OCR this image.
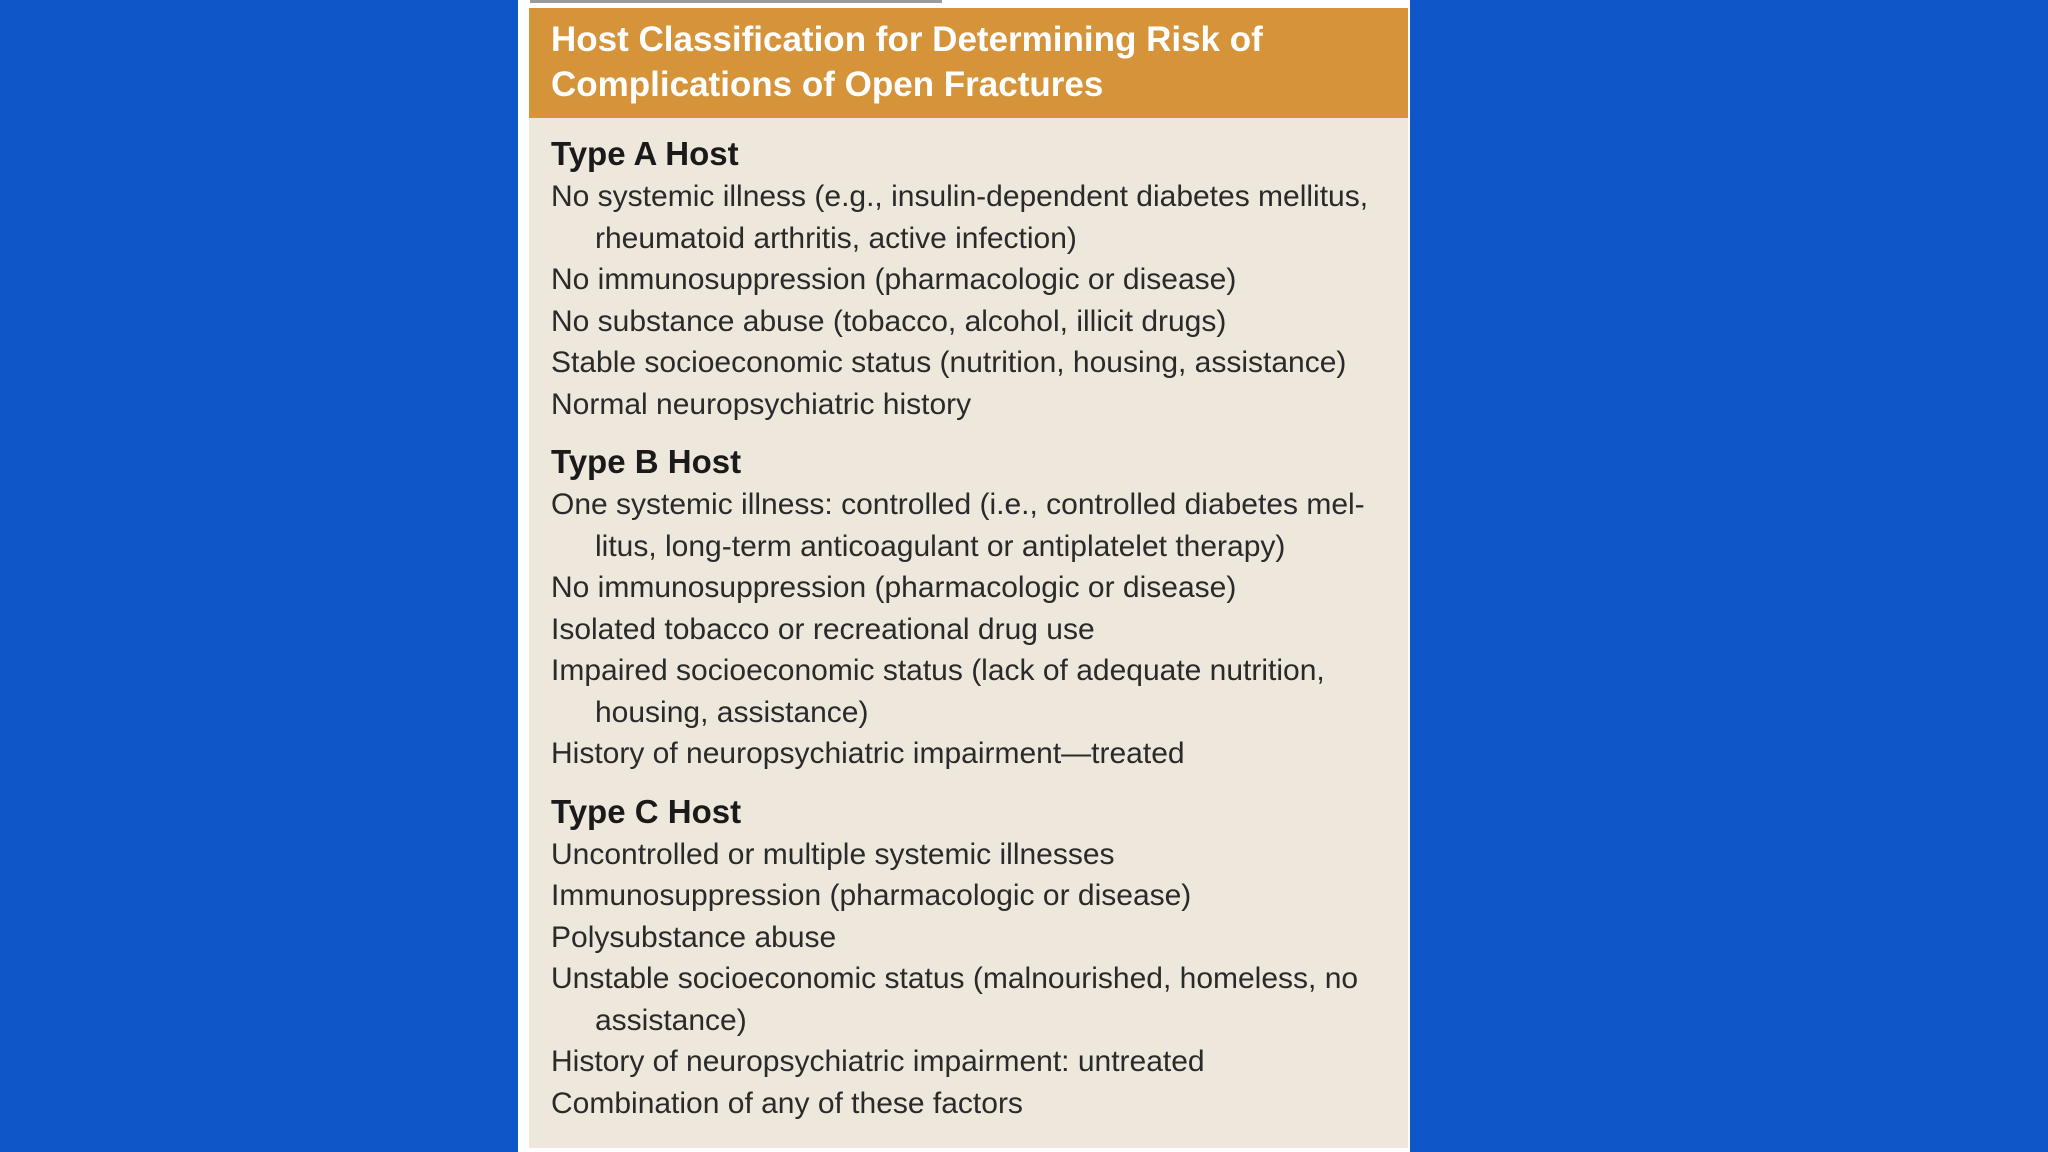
Host Classification for Determining Risk of
Complications of Open Fractures
Type A Host
No systemic illness (e.g., insulin-dependent diabetes mellitus, rheumatoid arthritis, active infection)
No immunosuppression (pharmacologic or disease)
No substance abuse (tobacco, alcohol, illicit drugs)
Stable socioeconomic status (nutrition, housing, assistance)
Normal neuropsychiatric history
Type B Host
One systemic illness: controlled (i.e., controlled diabetes mel- litus, long-term anticoagulant or antiplatelet therapy)
No immunosuppression (pharmacologic or disease)
Isolated tobacco or recreational drug use
Impaired socioeconomic status (lack of adequate nutrition, housing, assistance)
History of neuropsychiatric impairment—treated
Type C Host
Uncontrolled or multiple systemic illnesses
Immunosuppression (pharmacologic or disease)
Polysubstance abuse
Unstable socioeconomic status (malnourished, homeless, no assistance)
History of neuropsychiatric impairment: untreated
Combination of any of these factors
